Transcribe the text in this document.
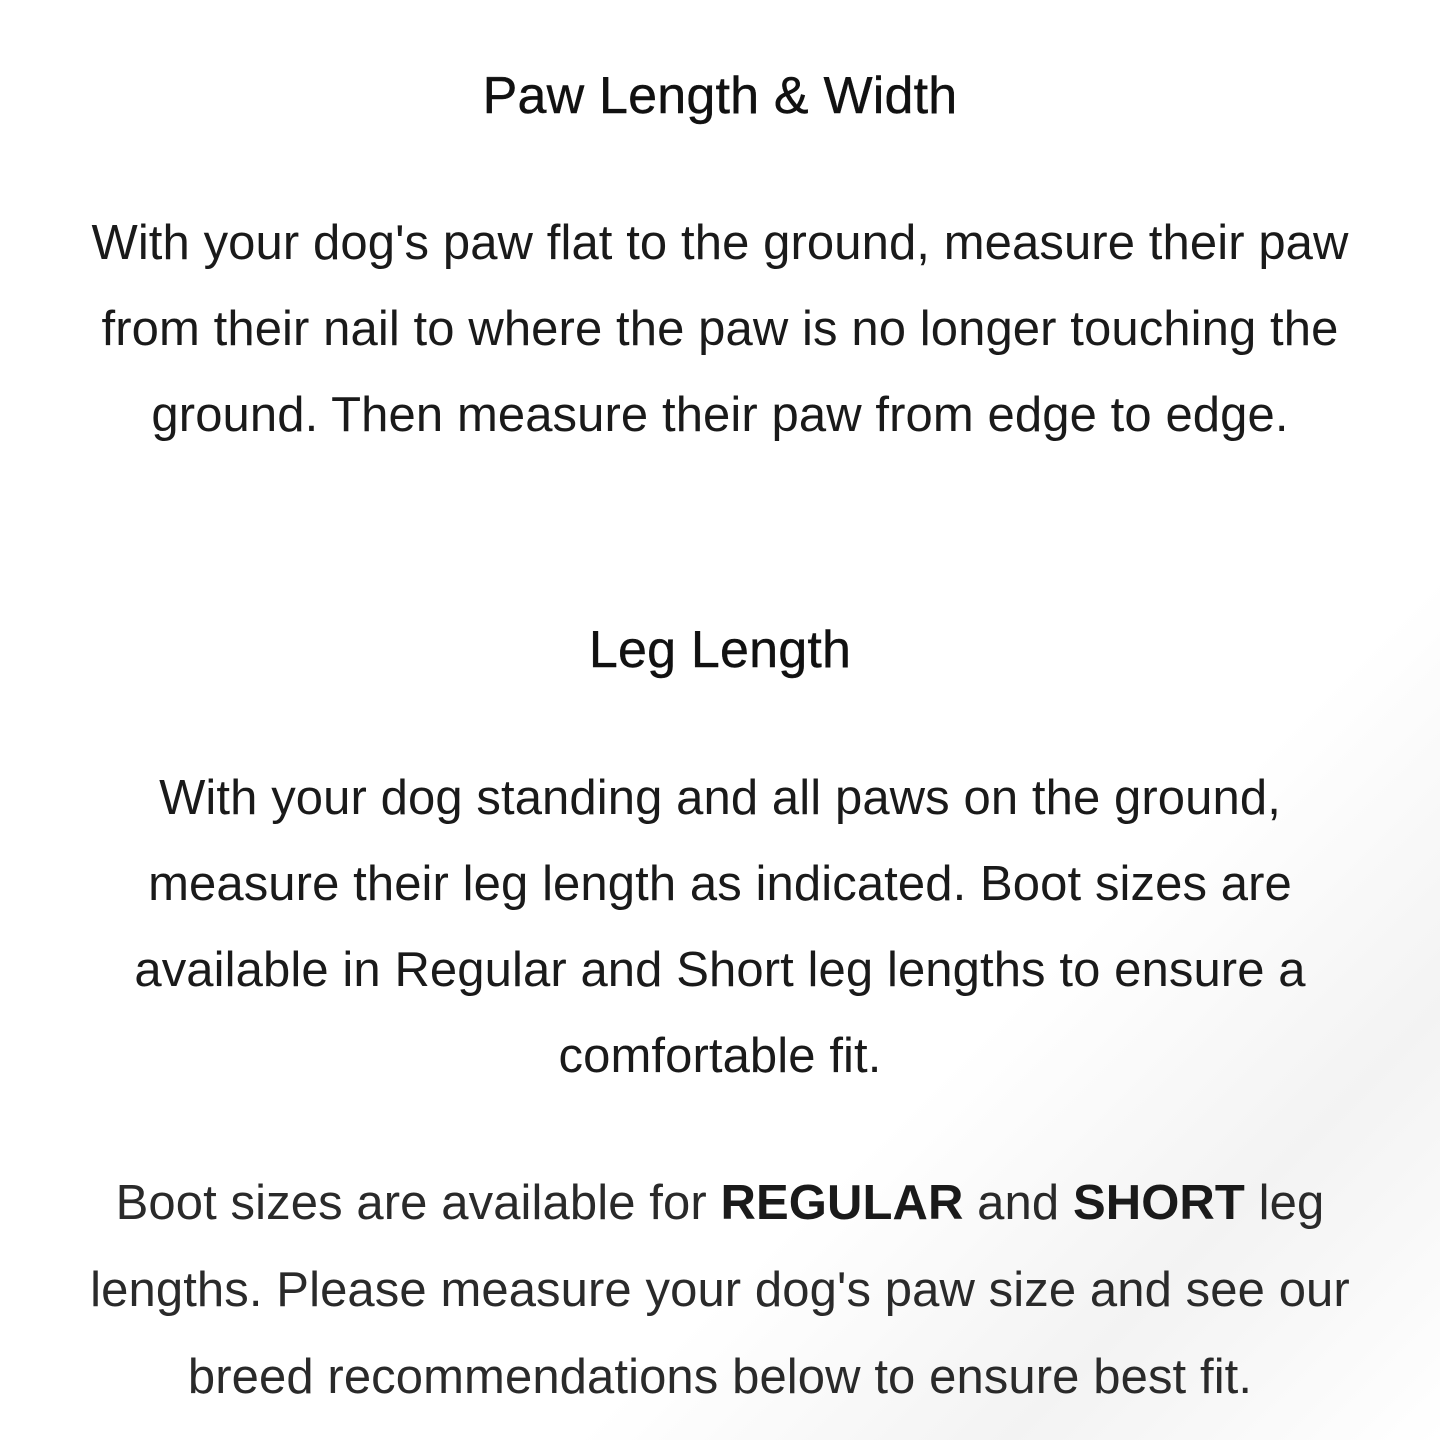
Paw Length & Width

With your dog's paw flat to the ground, measure their paw from their nail to where the paw is no longer touching the ground. Then measure their paw from edge to edge.

Leg Length

With your dog standing and all paws on the ground, measure their leg length as indicated. Boot sizes are available in Regular and Short leg lengths to ensure a comfortable fit.

Boot sizes are available for REGULAR and SHORT leg lengths. Please measure your dog's paw size and see our breed recommendations below to ensure best fit.
